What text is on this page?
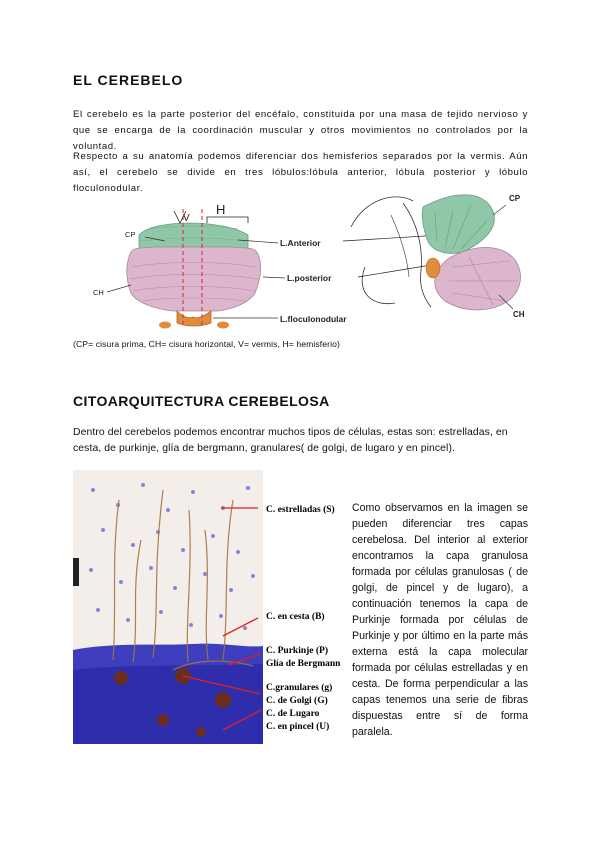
EL CEREBELO

El cerebelo es la parte posterior del encéfalo, constituida por una masa de tejido nervioso y que se encarga de la coordinación muscular y otros movimientos no controlados por la voluntad.

Respecto a su anatomía podemos diferenciar dos hemisferios separados por la vermis. Aún así, el cerebelo se divide en tres lóbulos:lóbula anterior, lóbula posterior y lóbulo floculonodular.

V
H
CP
CH
L.Anterior
L.posterior
L.floculonodular
CP
CH
(CP= cisura prima, CH= cisura horizontal, V= vermis, H= hemisferio)
CITOARQUITECTURA CEREBELOSA

Dentro del cerebelos podemos encontrar muchos tipos de células, estas son: estrelladas, en cesta, de purkinje, glía de bergmann, granulares( de golgi, de lugaro y en pincel).

C. estrelladas (S)
C. en cesta (B)
C. Purkinje (P)
Glía de Bergmann
C.granulares (g)
C. de Golgi (G)
C. de Lugaro
C. en pincel (U)

Como observamos en la imagen se pueden diferenciar tres capas cerebelosa. Del interior al exterior encontramos la capa granulosa formada por células granulosas ( de golgi, de pincel y de lugaro), a continuación tenemos la capa de Purkinje formada por células de Purkinje y por último en la parte más externa está la capa molecular formada por células estrelladas y en cesta. De forma perpendicular a las capas tenemos una serie de fibras dispuestas entre sí de forma paralela.
